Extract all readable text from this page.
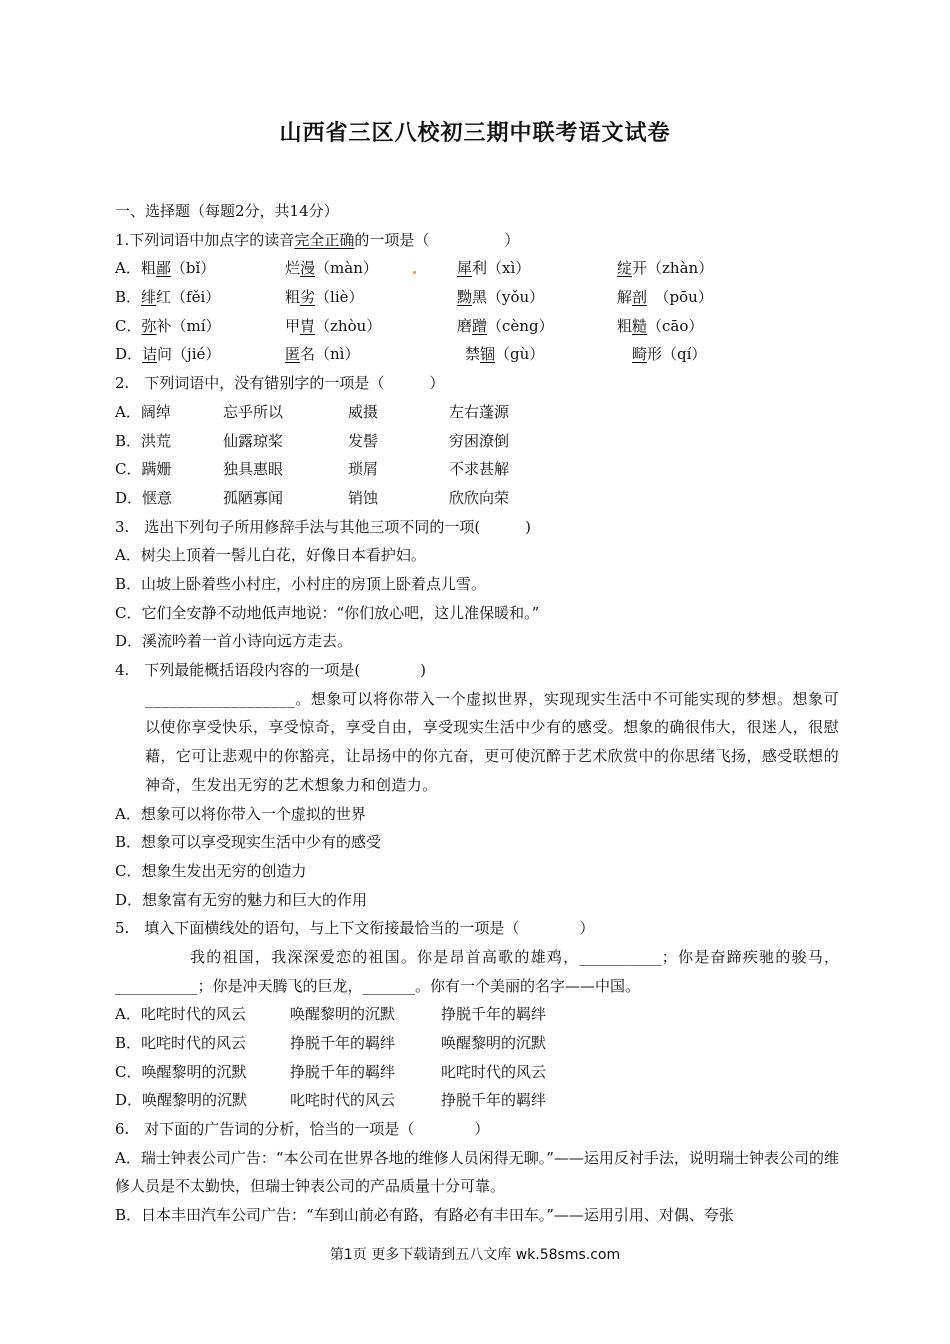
山西省三区八校初三期中联考语文试卷
一、选择题（每题2分，共14分）
1.下列词语中加点字的读音完全正确的一项是（　　　　　）
A．粗鄙（bǐ）	烂漫（màn）	犀利（xì）	绽开（zhàn）
B．绯红（fěi）	粗劣（liè）	黝黑（yǒu）	解剖　（pōu）
C．弥补（mí）	甲胄（zhòu）	磨蹭（cèng）	粗糙（cāo）
D．诘问（jié）	匿名（nì）	禁锢（gù）	畸形（qí）
2.　下列词语中，没有错别字的一项是（　　　）
A．阔绰	忘乎所以	威摄	左右蓬源
B．洪荒	仙露琼桨	发髻	穷困潦倒
C．蹒姗	独具惠眼	琐屑	不求甚解
D．惬意	孤陋寡闻	销蚀	欣欣向荣
3.　选出下列句子所用修辞手法与其他三项不同的一项(　　　)
A．树尖上顶着一髻儿白花，好像日本看护妇。
B．山坡上卧着些小村庄，小村庄的房顶上卧着点儿雪。
C．它们全安静不动地低声地说：“你们放心吧，这儿准保暖和。”
D．溪流吟着一首小诗向远方走去。
4.　下列最能概括语段内容的一项是(　　　　)
___________________。想象可以将你带入一个虚拟世界，实现现实生活中不可能实现的梦想。想象可以使你享受快乐，享受惊奇，享受自由，享受现实生活中少有的感受。想象的确很伟大，很迷人，很慰藉，它可让悲观中的你豁亮，让昂扬中的你亢奋，更可使沉醉于艺术欣赏中的你思绪飞扬，感受联想的神奇，生发出无穷的艺术想象力和创造力。
A．想象可以将你带入一个虚拟的世界
B．想象可以享受现实生活中少有的感受
C．想象生发出无穷的创造力
D．想象富有无穷的魅力和巨大的作用
5.　填入下面横线处的语句，与上下文衔接最恰当的一项是（　　　　）
我的祖国，我深深爱恋的祖国。你是昂首高歌的雄鸡，___________；你是奋蹄疾驰的骏马，___________；你是冲天腾飞的巨龙，_______。你有一个美丽的名字——中国。
A．叱咤时代的风云	唤醒黎明的沉默	挣脱千年的羁绊
B．叱咤时代的风云	挣脱千年的羁绊	唤醒黎明的沉默
C．唤醒黎明的沉默	挣脱千年的羁绊	叱咤时代的风云
D．唤醒黎明的沉默	叱咤时代的风云	挣脱千年的羁绊
6.　对下面的广告词的分析，恰当的一项是（　　　　）
A．瑞士钟表公司广告：“本公司在世界各地的维修人员闲得无聊。”——运用反衬手法，说明瑞士钟表公司的维修人员是不太勤快，但瑞士钟表公司的产品质量十分可靠。
B．日本丰田汽车公司广告：“车到山前必有路，有路必有丰田车。”——运用引用、对偶、夸张
第1页 更多下载请到五八文库 wk.58sms.com
